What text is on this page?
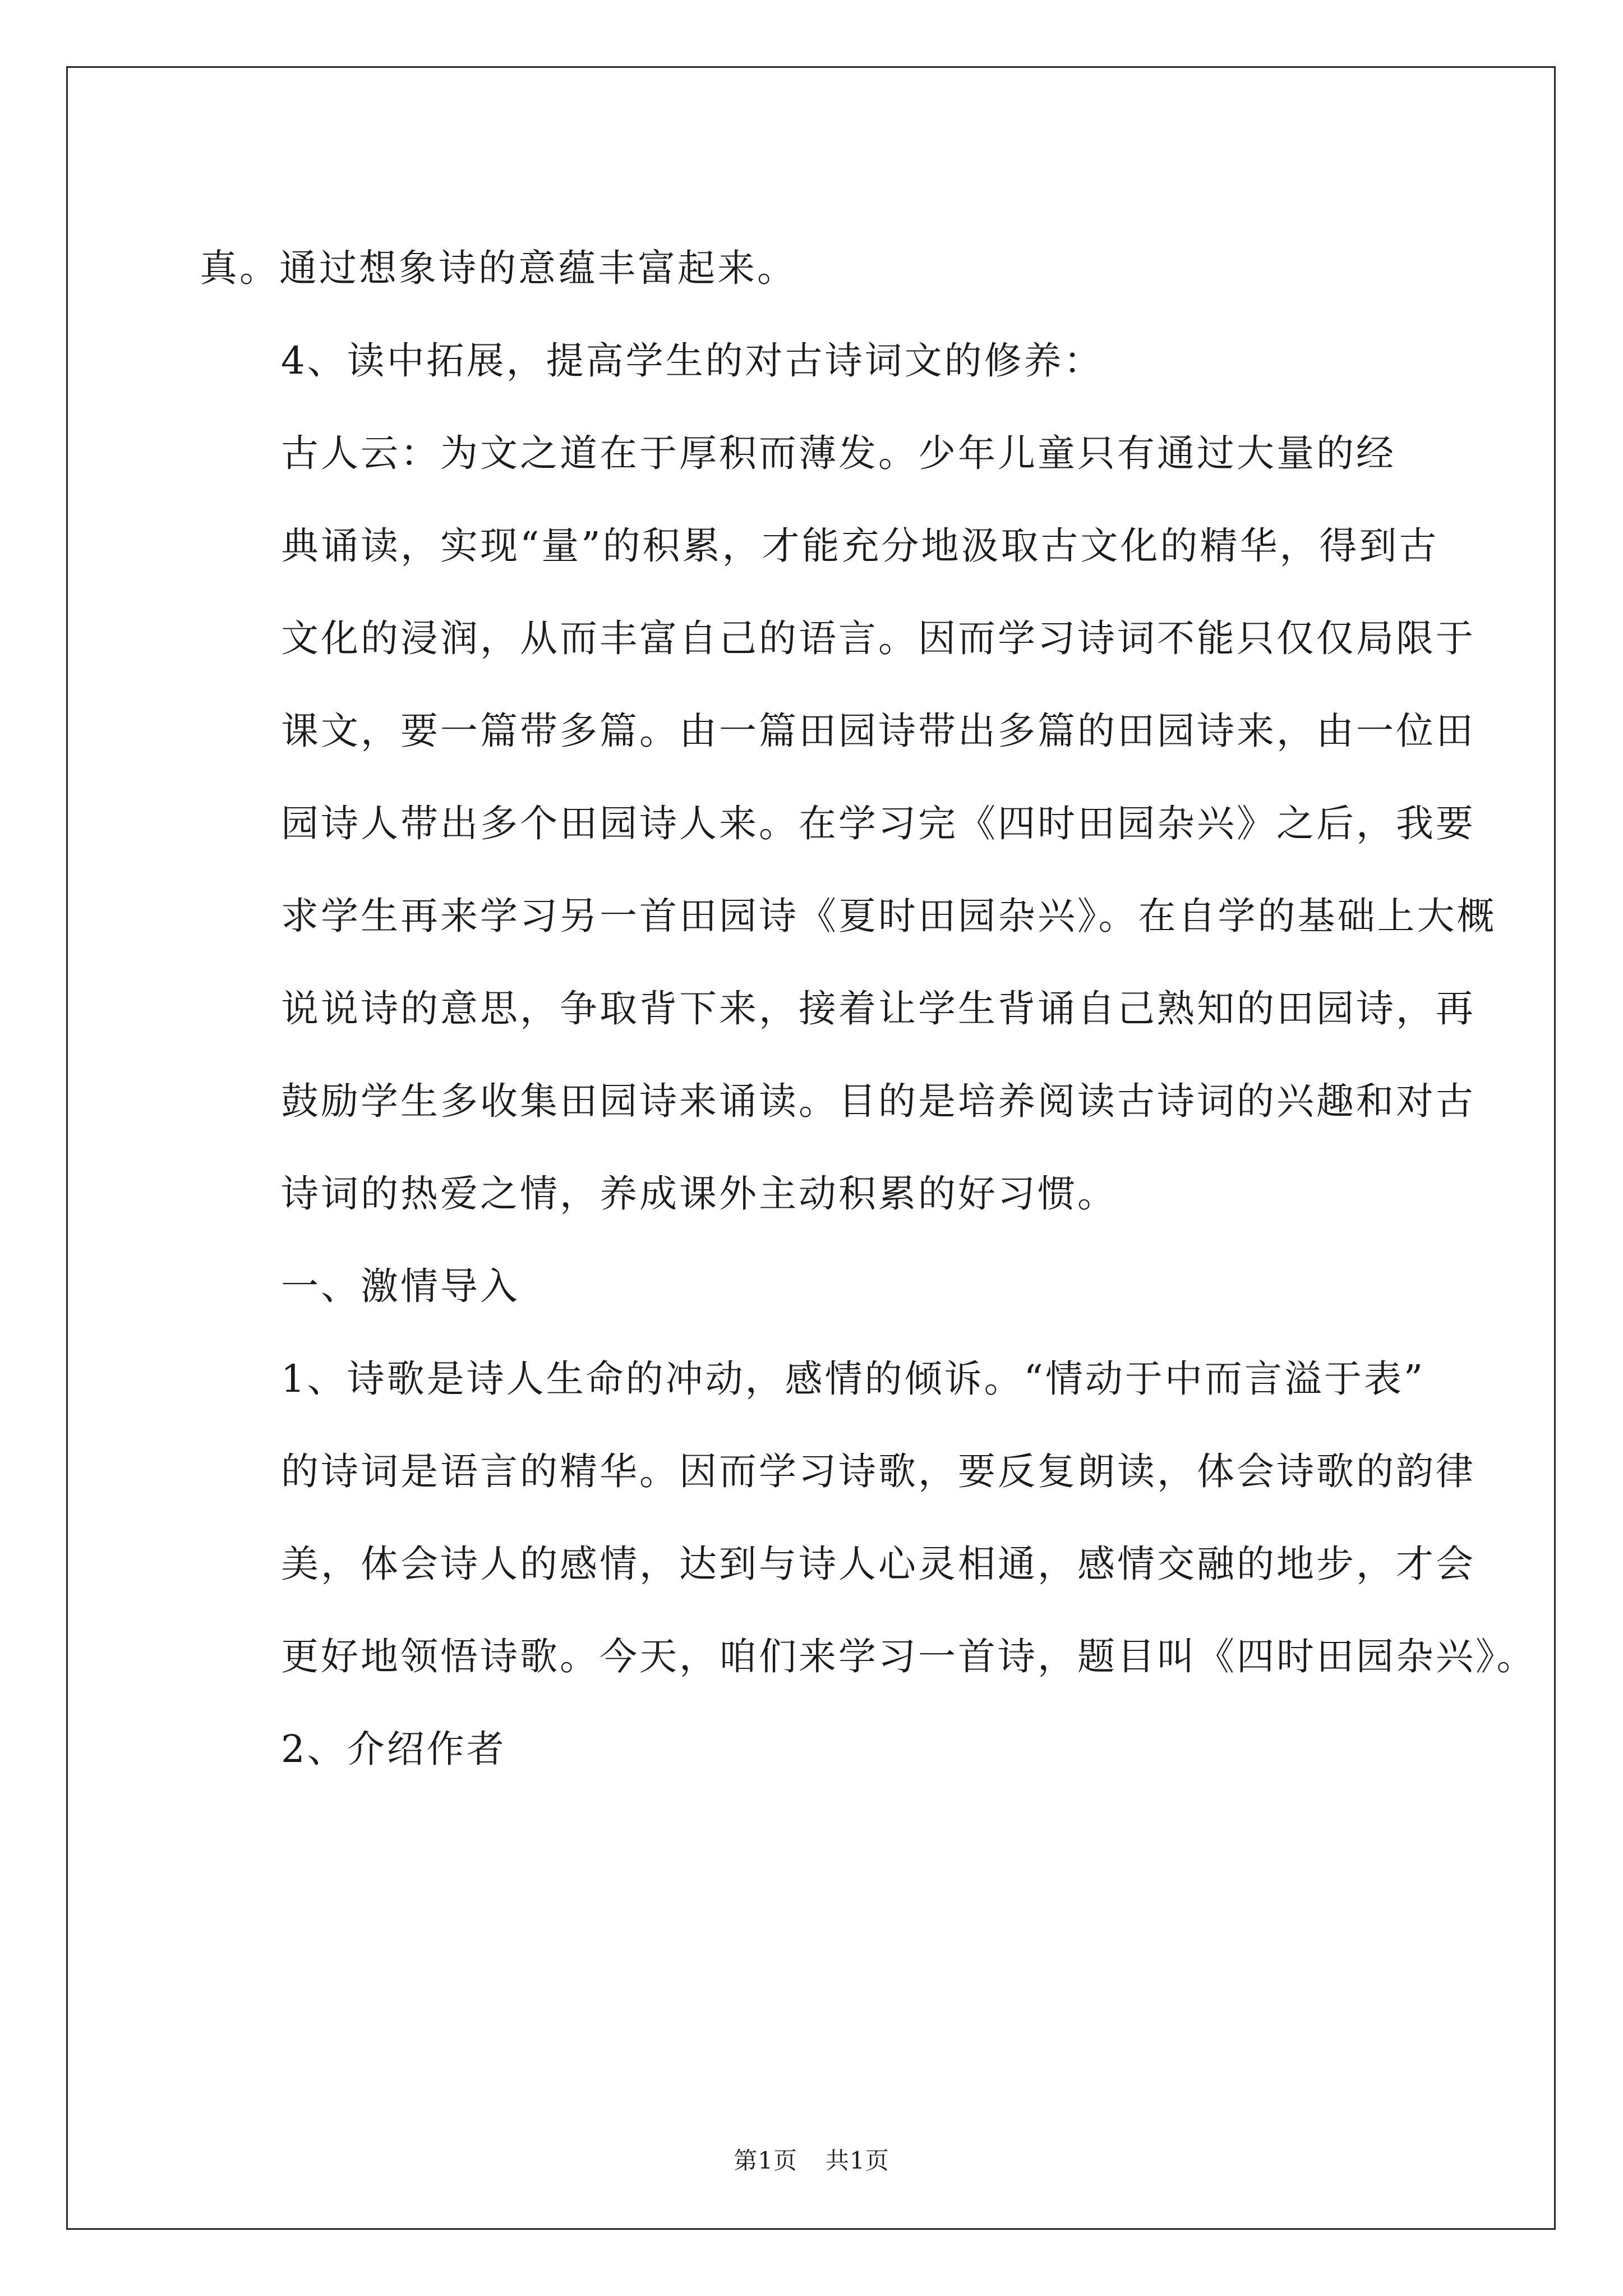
真。通过想象诗的意蕴丰富起来。

4、读中拓展，提高学生的对古诗词文的修养：

古人云：为文之道在于厚积而薄发。少年儿童只有通过大量的经
典诵读，实现“量”的积累，才能充分地汲取古文化的精华，得到古
文化的浸润，从而丰富自己的语言。因而学习诗词不能只仅仅局限于
课文，要一篇带多篇。由一篇田园诗带出多篇的田园诗来，由一位田
园诗人带出多个田园诗人来。在学习完《四时田园杂兴》之后，我要
求学生再来学习另一首田园诗《夏时田园杂兴》。在自学的基础上大概
说说诗的意思，争取背下来，接着让学生背诵自己熟知的田园诗，再
鼓励学生多收集田园诗来诵读。目的是培养阅读古诗词的兴趣和对古
诗词的热爱之情，养成课外主动积累的好习惯。

一、激情导入

1、诗歌是诗人生命的冲动，感情的倾诉。“情动于中而言溢于表”
的诗词是语言的精华。因而学习诗歌，要反复朗读，体会诗歌的韵律
美，体会诗人的感情，达到与诗人心灵相通，感情交融的地步，才会
更好地领悟诗歌。今天，咱们来学习一首诗，题目叫《四时田园杂兴》。

2、介绍作者

第1页 共1页
